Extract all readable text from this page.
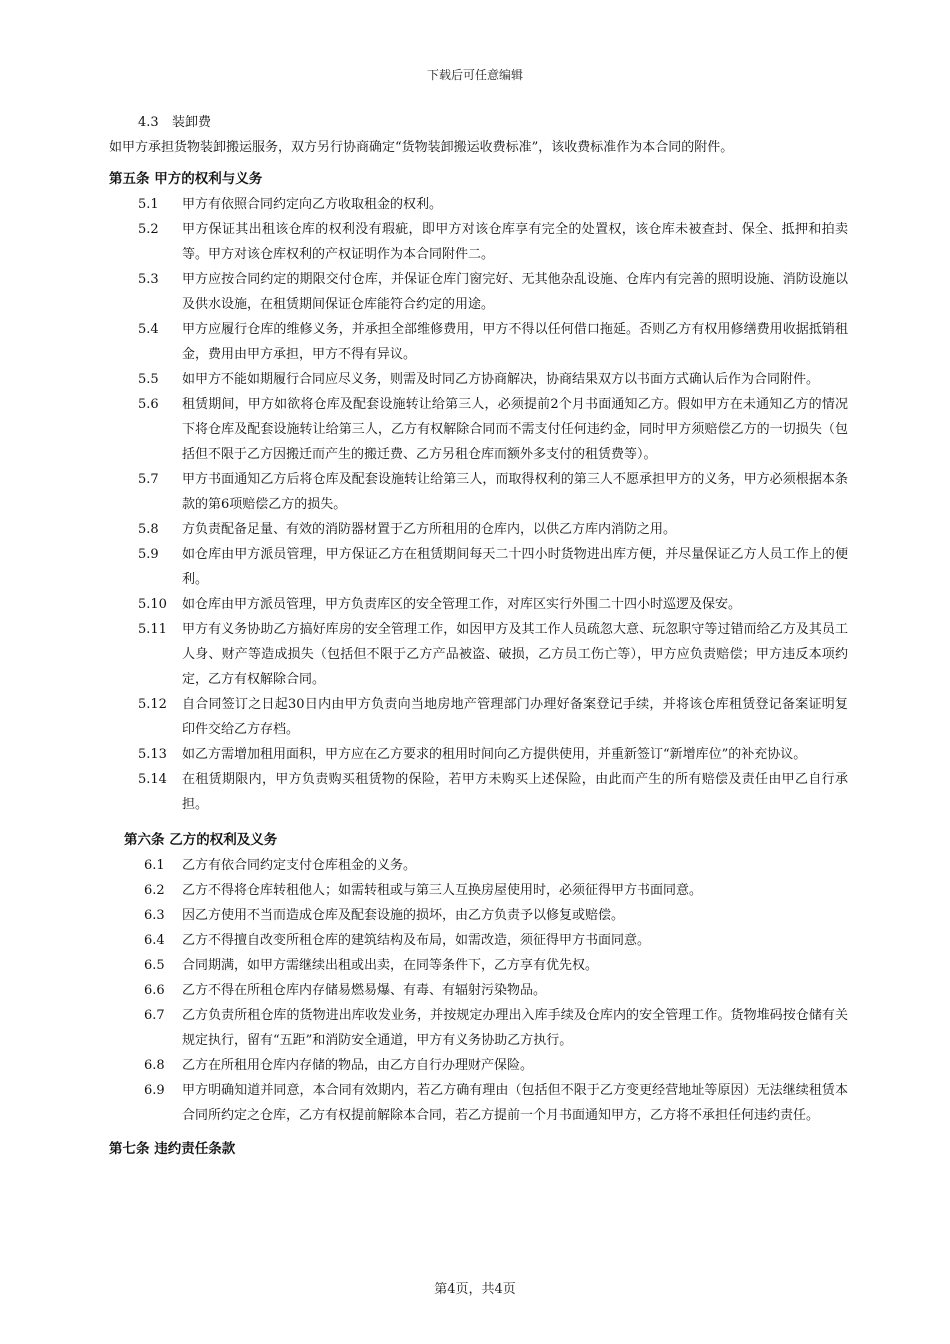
下载后可任意编辑
4.3 装卸费
如甲方承担货物装卸搬运服务，双方另行协商确定“货物装卸搬运收费标准”，该收费标准作为本合同的附件。
第五条 甲方的权利与义务
5.1	甲方有依照合同约定向乙方收取租金的权利。
5.2	甲方保证其出租该仓库的权利没有瑕疵，即甲方对该仓库享有完全的处置权，该仓库未被查封、保全、抵押和拍卖等。甲方对该仓库权利的产权证明作为本合同附件二。
5.3	甲方应按合同约定的期限交付仓库，并保证仓库门窗完好、无其他杂乱设施、仓库内有完善的照明设施、消防设施以及供水设施，在租赁期间保证仓库能符合约定的用途。
5.4	甲方应履行仓库的维修义务，并承担全部维修费用，甲方不得以任何借口拖延。否则乙方有权用修缮费用收据抵销租金，费用由甲方承担，甲方不得有异议。
5.5	如甲方不能如期履行合同应尽义务，则需及时同乙方协商解决，协商结果双方以书面方式确认后作为合同附件。
5.6	租赁期间，甲方如欲将仓库及配套设施转让给第三人，必须提前2个月书面通知乙方。假如甲方在未通知乙方的情况下将仓库及配套设施转让给第三人，乙方有权解除合同而不需支付任何违约金，同时甲方须赔偿乙方的一切损失（包括但不限于乙方因搬迁而产生的搬迁费、乙方另租仓库而额外多支付的租赁费等）。
5.7	甲方书面通知乙方后将仓库及配套设施转让给第三人，而取得权利的第三人不愿承担甲方的义务，甲方必须根据本条款的第6项赔偿乙方的损失。
5.8	方负责配备足量、有效的消防器材置于乙方所租用的仓库内，以供乙方库内消防之用。
5.9	如仓库由甲方派员管理，甲方保证乙方在租赁期间每天二十四小时货物进出库方便，并尽量保证乙方人员工作上的便利。
5.10	如仓库由甲方派员管理，甲方负责库区的安全管理工作，对库区实行外围二十四小时巡逻及保安。
5.11	甲方有义务协助乙方搞好库房的安全管理工作，如因甲方及其工作人员疏忽大意、玩忽职守等过错而给乙方及其员工人身、财产等造成损失（包括但不限于乙方产品被盗、破损，乙方员工伤亡等），甲方应负责赔偿；甲方违反本项约定，乙方有权解除合同。
5.12	自合同签订之日起30日内由甲方负责向当地房地产管理部门办理好备案登记手续，并将该仓库租赁登记备案证明复印件交给乙方存档。
5.13	如乙方需增加租用面积，甲方应在乙方要求的租用时间向乙方提供使用，并重新签订“新增库位”的补充协议。
5.14	在租赁期限内，甲方负责购买租赁物的保险，若甲方未购买上述保险，由此而产生的所有赔偿及责任由甲乙自行承担。
第六条 乙方的权利及义务
6.1	乙方有依合同约定支付仓库租金的义务。
6.2	乙方不得将仓库转租他人；如需转租或与第三人互换房屋使用时，必须征得甲方书面同意。
6.3	因乙方使用不当而造成仓库及配套设施的损坏，由乙方负责予以修复或赔偿。
6.4	乙方不得擅自改变所租仓库的建筑结构及布局，如需改造，须征得甲方书面同意。
6.5	合同期满，如甲方需继续出租或出卖，在同等条件下，乙方享有优先权。
6.6	乙方不得在所租仓库内存储易燃易爆、有毒、有辐射污染物品。
6.7	乙方负责所租仓库的货物进出库收发业务，并按规定办理出入库手续及仓库内的安全管理工作。货物堆码按仓储有关规定执行，留有“五距”和消防安全通道，甲方有义务协助乙方执行。
6.8	乙方在所租用仓库内存储的物品，由乙方自行办理财产保险。
6.9	甲方明确知道并同意，本合同有效期内，若乙方确有理由（包括但不限于乙方变更经营地址等原因）无法继续租赁本合同所约定之仓库，乙方有权提前解除本合同，若乙方提前一个月书面通知甲方，乙方将不承担任何违约责任。
第七条 违约责任条款
第4页，共4页
